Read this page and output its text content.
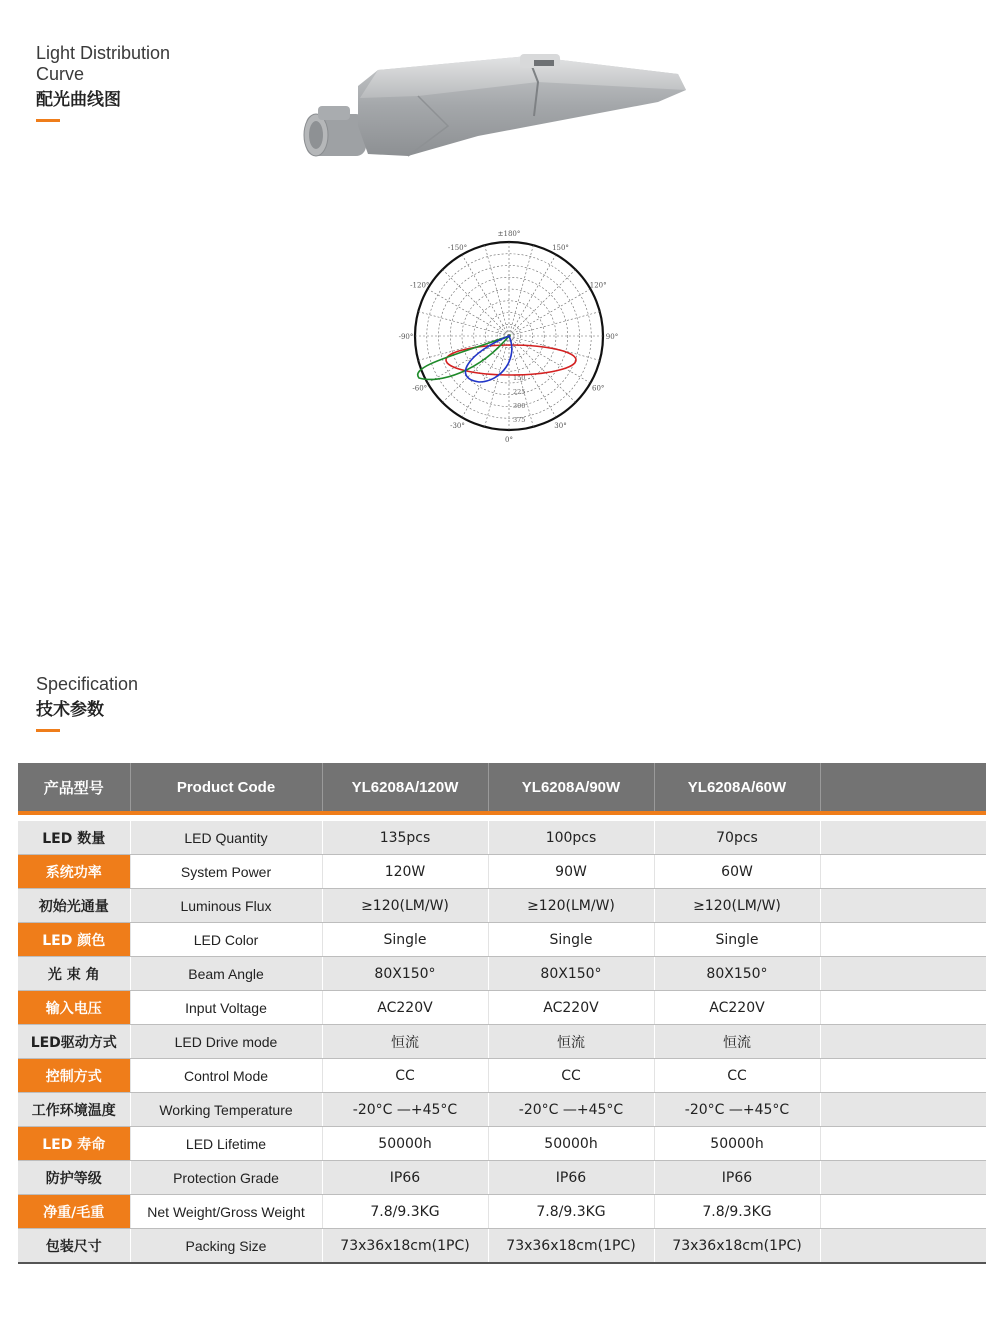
Light Distribution
Curve
配光曲线图
±180°
-150°	150°
-120°	120°
-90°	90°
-60°	60°
-30°	30°
0°
150
225
300
375
Specification
技术参数
产品型号	Product Code	YL6208A/120W	YL6208A/90W	YL6208A/60W	

LED 数量	LED Quantity	135pcs	100pcs	70pcs	
系统功率	System Power	120W	90W	60W	
初始光通量	Luminous Flux	≥120(LM/W)	≥120(LM/W)	≥120(LM/W)	
LED 颜色	LED Color	Single	Single	Single	
光 束 角	Beam Angle	80X150°	80X150°	80X150°	
输入电压	Input Voltage	AC220V	AC220V	AC220V	
LED驱动方式	LED Drive mode	恒流	恒流	恒流	
控制方式	Control Mode	CC	CC	CC	
工作环境温度	Working Temperature	-20°C —+45°C	-20°C —+45°C	-20°C —+45°C	
LED 寿命	LED Lifetime	50000h	50000h	50000h	
防护等级	Protection Grade	IP66	IP66	IP66	
净重/毛重	Net Weight/Gross Weight	7.8/9.3KG	7.8/9.3KG	7.8/9.3KG	
包装尺寸	Packing Size	73x36x18cm(1PC)	73x36x18cm(1PC)	73x36x18cm(1PC)	
